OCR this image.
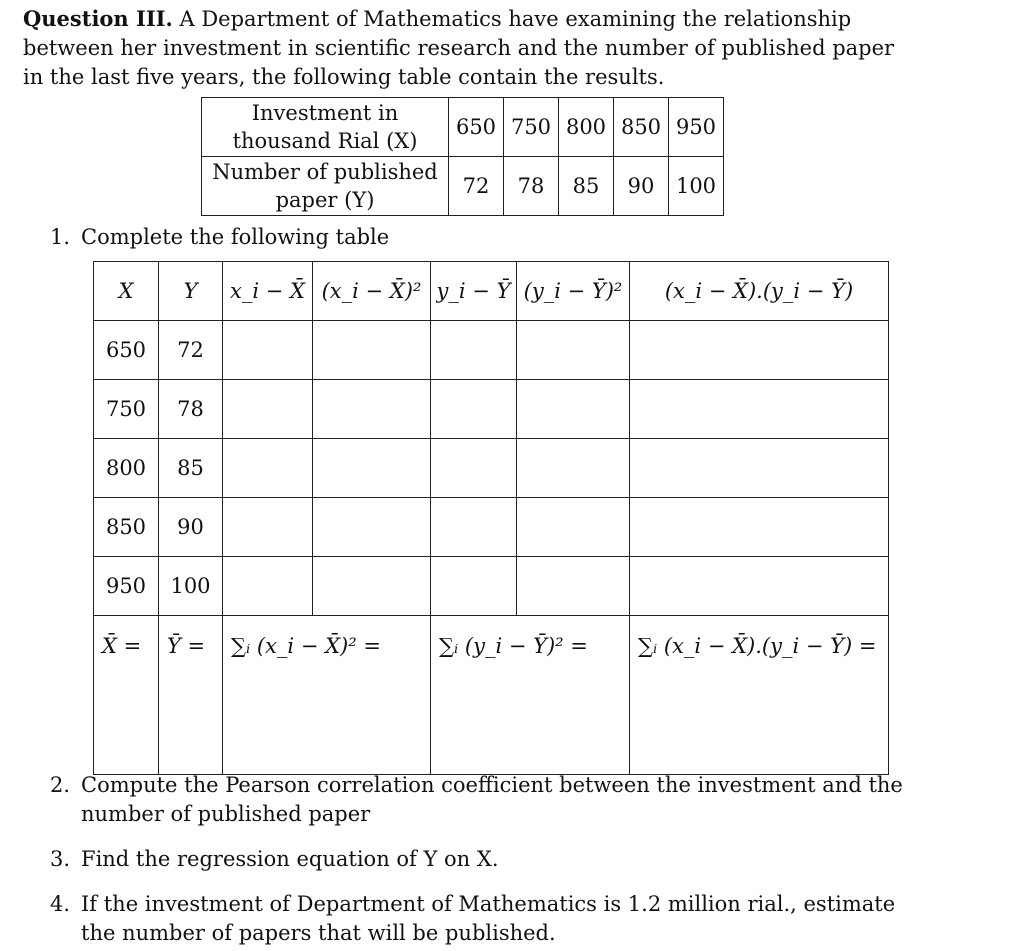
Question III. A Department of Mathematics have examining the relationship between her investment in scientific research and the number of published paper in the last five years, the following table contain the results.
Investment in thousand Rial (X)	650	750	800	850	950
Number of published paper (Y)	72	78	85	90	100
1. Complete the following table
X	Y	x_i − X̄	(x_i − X̄)²	y_i − Ȳ	(y_i − Ȳ)²	(x_i − X̄).(y_i − Ȳ)
650	72					
750	78					
800	85					
850	90					
950	100					
X̄ =	Ȳ =	∑ᵢ (x_i − X̄)² =		∑ᵢ (y_i − Ȳ)² =		∑ᵢ (x_i − X̄).(y_i − Ȳ) =
2. Compute the Pearson correlation coefficient between the investment and the number of published paper
3. Find the regression equation of Y on X.
4. If the investment of Department of Mathematics is 1.2 million rial., estimate the number of papers that will be published.
